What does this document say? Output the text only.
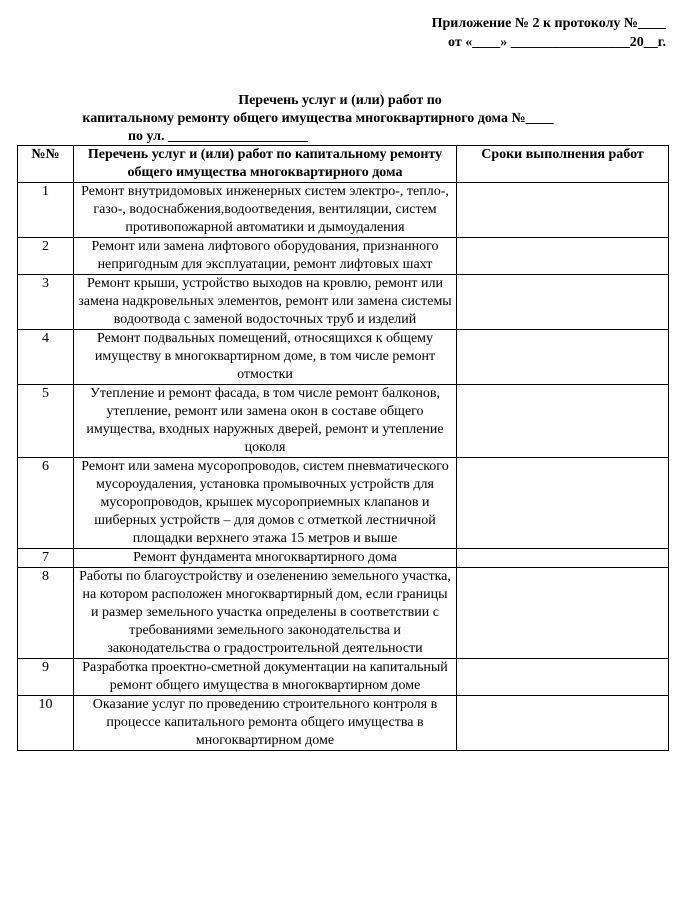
Приложение № 2 к протоколу №____
от «____» _________________20__г.
Перечень услуг и (или) работ по
капитальному ремонту общего имущества многоквартирного дома №____
по ул. ____________________
№№	Перечень услуг и (или) работ по капитальному ремонту общего имущества многоквартирного дома	Сроки выполнения работ
1	Ремонт внутридомовых инженерных систем электро-, тепло-, газо-, водоснабжения,водоотведения, вентиляции, систем противопожарной автоматики и дымоудаления	
2	Ремонт или замена лифтового оборудования, признанного непригодным для эксплуатации, ремонт лифтовых шахт	
3	Ремонт крыши, устройство выходов на кровлю, ремонт или замена надкровельных элементов, ремонт или замена системы водоотвода с заменой водосточных труб и изделий	
4	Ремонт подвальных помещений, относящихся к общему имуществу в многоквартирном доме, в том числе ремонт отмостки	
5	Утепление и ремонт фасада, в том числе ремонт балконов, утепление, ремонт или замена окон в составе общего имущества, входных наружных дверей, ремонт и утепление цоколя	
6	Ремонт или замена мусоропроводов, систем пневматического мусороудаления, установка промывочных устройств для мусоропроводов, крышек мусороприемных клапанов и шиберных устройств – для домов с отметкой лестничной площадки верхнего этажа 15 метров и выше	
7	Ремонт фундамента многоквартирного дома	
8	Работы по благоустройству и озеленению земельного участка, на котором расположен многоквартирный дом, если границы и размер земельного участка определены в соответствии с требованиями земельного законодательства и законодательства о градостроительной деятельности	
9	Разработка проектно-сметной документации на капитальный ремонт общего имущества в многоквартирном доме	
10	Оказание услуг по проведению строительного контроля в процессе капитального ремонта общего имущества в многоквартирном доме	
